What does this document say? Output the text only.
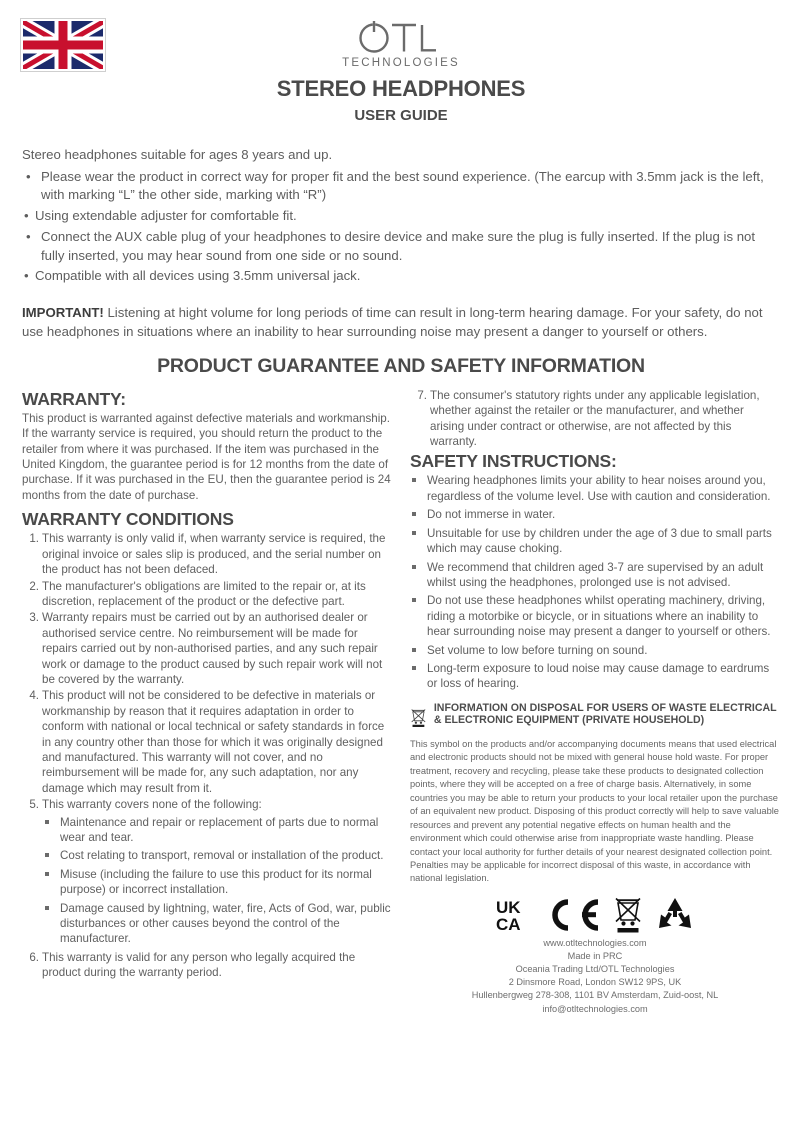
TECHNOLOGIES
STEREO HEADPHONES
USER GUIDE

Stereo headphones suitable for ages 8 years and up.

• Please wear the product in correct way for proper fit and the best sound experience. (The earcup with 3.5mm jack is the left, with marking “L” the other side, marking with “R”)
• Using extendable adjuster for comfortable fit.
• Connect the AUX cable plug of your headphones to desire device and make sure the plug is fully inserted. If the plug is not fully inserted, you may hear sound from one side or no sound.
• Compatible with all devices using 3.5mm universal jack.

IMPORTANT! Listening at hight volume for long periods of time can result in long-term hearing damage. For your safety, do not use headphones in situations where an inability to hear surrounding noise may present a danger to yourself or others.

PRODUCT GUARANTEE AND SAFETY INFORMATION
WARRANTY:

This product is warranted against defective materials and workmanship. If the warranty service is required, you should return the product to the retailer from where it was purchased. If the item was purchased in the United Kingdom, the guarantee period is for 12 months from the date of purchase. If it was purchased in the EU, then the guarantee period is 24 months from the date of purchase.

WARRANTY CONDITIONS
1. This warranty is only valid if, when warranty service is required, the original invoice or sales slip is produced, and the serial number on the product has not been defaced.
2. The manufacturer's obligations are limited to the repair or, at its discretion, replacement of the product or the defective part.
3. Warranty repairs must be carried out by an authorised dealer or authorised service centre. No reimbursement will be made for repairs carried out by non-authorised parties, and any such repair work or damage to the product caused by such repair work will not be covered by the warranty.
4. This product will not be considered to be defective in materials or workmanship by reason that it requires adaptation in order to conform with national or local technical or safety standards in force in any country other than those for which it was originally designed and manufactured. This warranty will not cover, and no reimbursement will be made for, any such adaptation, nor any damage which may result from it.
5. This warranty covers none of the following:
Maintenance and repair or replacement of parts due to normal wear and tear.
Cost relating to transport, removal or installation of the product.
Misuse (including the failure to use this product for its normal purpose) or incorrect installation.
Damage caused by lightning, water, fire, Acts of God, war, public disturbances or other causes beyond the control of the manufacturer.
6. This warranty is valid for any person who legally acquired the product during the warranty period.
7. The consumer's statutory rights under any applicable legislation, whether against the retailer or the manufacturer, and whether arising under contract or otherwise, are not affected by this warranty.
SAFETY INSTRUCTIONS:
Wearing headphones limits your ability to hear noises around you, regardless of the volume level. Use with caution and consideration.
Do not immerse in water.
Unsuitable for use by children under the age of 3 due to small parts which may cause choking.
We recommend that children aged 3-7 are supervised by an adult whilst using the headphones, prolonged use is not advised.
Do not use these headphones whilst operating machinery, driving, riding a motorbike or bicycle, or in situations where an inability to hear surrounding noise may present a danger to yourself or others.
Set volume to low before turning on sound.
Long-term exposure to loud noise may cause damage to eardrums or loss of hearing.
INFORMATION ON DISPOSAL FOR USERS OF WASTE ELECTRICAL & ELECTRONIC EQUIPMENT (PRIVATE HOUSEHOLD)

This symbol on the products and/or accompanying documents means that used electrical and electronic products should not be mixed with general house hold waste. For proper treatment, recovery and recycling, please take these products to designated collection points, where they will be accepted on a free of charge basis. Alternatively, in some countries you may be able to return your products to your local retailer upon the purchase of an equivalent new product. Disposing of this product correctly will help to save valuable resources and prevent any potential negative effects on human health and the environment which could otherwise arise from inappropriate waste handling. Please contact your local authority for further details of your nearest designated collection point. Penalties may be applicable for incorrect disposal of this waste, in accordance with national legislation.

UK
CA
www.otltechnologies.com
Made in PRC
Oceania Trading Ltd/OTL Technologies
2 Dinsmore Road, London SW12 9PS, UK
Hullenbergweg 278-308, 1101 BV Amsterdam, Zuid-oost, NL
info@otltechnologies.com
